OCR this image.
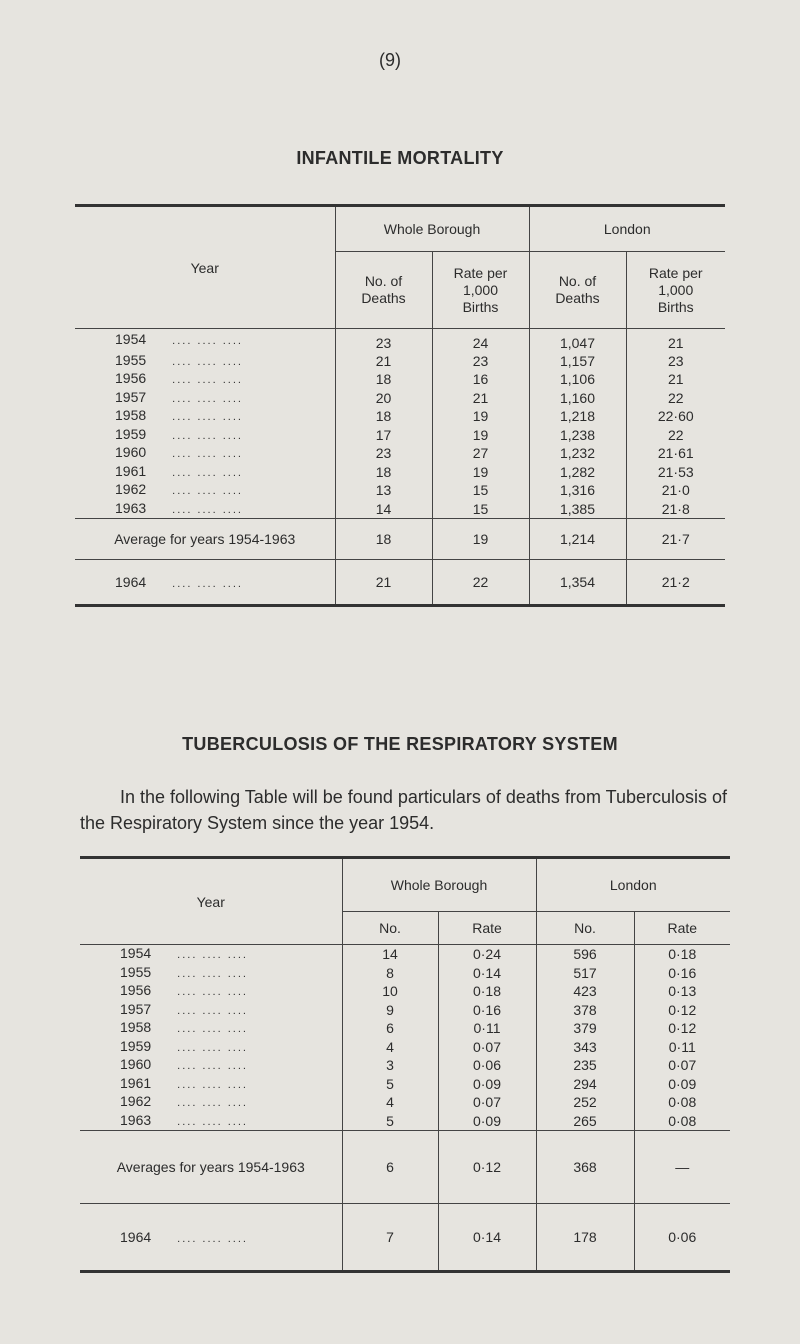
(9)
INFANTILE MORTALITY
Year	Whole Borough		London	
	No. of Deaths	Rate per 1,000 Births	No. of Deaths	Rate per 1,000 Births
1954 .... .... ....	23	24	1,047	21
1955 .... .... ....	21	23	1,157	23
1956 .... .... ....	18	16	1,106	21
1957 .... .... ....	20	21	1,160	22
1958 .... .... ....	18	19	1,218	22·60
1959 .... .... ....	17	19	1,238	22
1960 .... .... ....	23	27	1,232	21·61
1961 .... .... ....	18	19	1,282	21·53
1962 .... .... ....	13	15	1,316	21·0
1963 .... .... ....	14	15	1,385	21·8
Average for years 1954-1963	18	19	1,214	21·7
1964 .... .... ....	21	22	1,354	21·2
TUBERCULOSIS OF THE RESPIRATORY SYSTEM
In the following Table will be found particulars of deaths from Tuberculosis of the Respiratory System since the year 1954.
Year	Whole Borough		London	
	No.	Rate	No.	Rate
1954 .... .... ....	14	0·24	596	0·18
1955 .... .... ....	8	0·14	517	0·16
1956 .... .... ....	10	0·18	423	0·13
1957 .... .... ....	9	0·16	378	0·12
1958 .... .... ....	6	0·11	379	0·12
1959 .... .... ....	4	0·07	343	0·11
1960 .... .... ....	3	0·06	235	0·07
1961 .... .... ....	5	0·09	294	0·09
1962 .... .... ....	4	0·07	252	0·08
1963 .... .... ....	5	0·09	265	0·08
Averages for years 1954-1963	6	0·12	368	—
1964 .... .... ....	7	0·14	178	0·06
